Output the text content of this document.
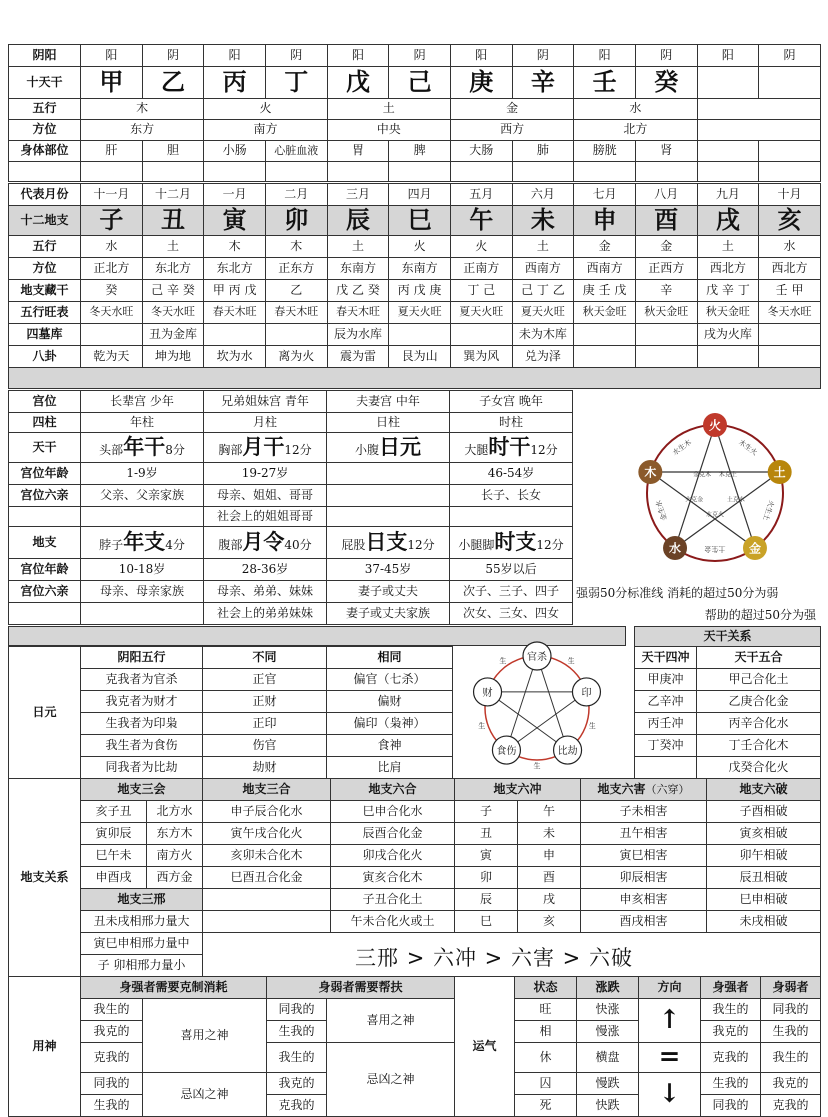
阴阳	阳	阴	阳	阴	阳	阴	阳	阴	阳	阴	阳	阴
十天干	甲	乙	丙	丁	戊	己	庚	辛	壬	癸		
五行	木		火		土		金		水			
方位	东方		南方		中央		西方		北方			
身体部位	肝	胆	小肠	心脏血液	胃	脾	大肠	肺	膀胱	肾		

代表月份	十一月	十二月	一月	二月	三月	四月	五月	六月	七月	八月	九月	十月
十二地支	子	丑	寅	卯	辰	巳	午	未	申	酉	戌	亥
五行	水	土	木	木	土	火	火	土	金	金	土	水
方位	正北方	东北方	东北方	正东方	东南方	东南方	正南方	西南方	西南方	正西方	西北方	西北方
地支藏干	癸	己 辛 癸	甲 丙 戊	乙	戊 乙 癸	丙 戊 庚	丁 己	己 丁 乙	庚 壬 戊	辛	戊 辛 丁	壬 甲
五行旺表	冬天水旺	冬天水旺	春天木旺	春天木旺	春天木旺	夏天火旺	夏天火旺	夏天火旺	秋天金旺	秋天金旺	秋天金旺	冬天水旺
四墓库		丑为金库			辰为水库			未为木库			戌为火库	
八卦	乾为天	坤为地	坎为水	离为火	震为雷	艮为山	巽为风	兑为泽				

宫位	长辈宫 少年	兄弟姐妹宫 青年	夫妻宫 中年	子女宫 晚年
四柱	年柱	月柱	日柱	时柱
天干	头部年干8分	胸部月干12分	小腹日元	大腿时干12分
宫位年龄	1-9岁	19-27岁		46-54岁
宫位六亲	父亲、父亲家族	母亲、姐姐、哥哥		长子、长女
		社会上的姐姐哥哥		
地支	脖子年支4分	腹部月令40分	屁股日支12分	小腿脚时支12分
宫位年龄	10-18岁	28-36岁	37-45岁	55岁以后
宫位六亲	母亲、母亲家族	母亲、弟弟、妹妹	妻子或丈夫	次子、三子、四子
		社会上的弟弟妹妹	妻子或丈夫家族	次女、三女、四女
强弱50分标准线 消耗的超过50分为弱
帮助的超过50分为强
木生火
火生土
土生金
金生水
水生木
木克土
土克水
水克火
火克金
金克木
火
土
金
水
木
日元	阴阳五行	不同	相同
	克我者为官杀	正官	偏官（七杀）
	我克者为财才	正财	偏财
	生我者为印枭	正印	偏印（枭神）
	我生者为食伤	伤官	食神
	同我者为比劫	劫财	比肩
生
生
生
生
生 官杀
印
比劫
食伤
财
天干关系	
天干四冲	天干五合
甲庚冲	甲己合化土
乙辛冲	乙庚合化金
丙壬冲	丙辛合化水
丁癸冲	丁壬合化木
	戊癸合化火
地支关系	地支三会		地支三合	地支六合	地支六冲		地支六害（六穿）	地支六破
	亥子丑	北方水	申子辰合化水	巳申合化水	子	午	子未相害	子酉相破
	寅卯辰	东方木	寅午戌合化火	辰酉合化金	丑	未	丑午相害	寅亥相破
	巳午未	南方火	亥卯未合化木	卯戌合化火	寅	申	寅巳相害	卯午相破
	申酉戌	西方金	巳酉丑合化金	寅亥合化木	卯	酉	卯辰相害	辰丑相破
	地支三邢			子丑合化土	辰	戌	申亥相害	巳申相破
	丑未戌相邢力量大			午未合化火或土	巳	亥	酉戌相害	未戌相破
	寅巳申相邢力量中							
	子 卯相邢力量小								三邢 > 六冲 > 六害 > 六破
用神	身强者需要克制消耗		身弱者需要帮扶		运气	状态	涨跌	方向	身强者	身弱者
	我生的	喜用之神	同我的	喜用之神		旺	快涨	↑	我生的	同我的
	我克的		生我的			相	慢涨		我克的	生我的
	克我的		我生的	忌凶之神		休	横盘	=	克我的	我生的
	同我的	忌凶之神	我克的			囚	慢跌	↓	生我的	我克的
	生我的		克我的			死	快跌		同我的	克我的
